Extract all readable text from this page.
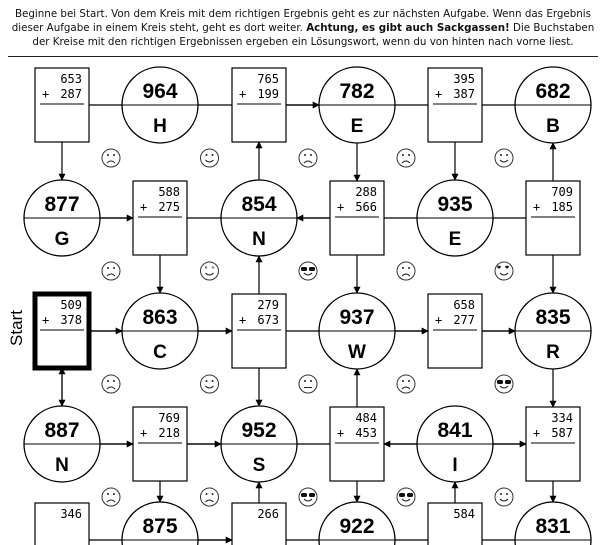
Beginne bei Start. Von dem Kreis mit dem richtigen Ergebnis geht es zur nächsten Aufgabe. Wenn das Ergebnis dieser Aufgabe in einem Kreis steht, geht es dort weiter. Achtung, es gibt auch Sackgassen! Die Buchstaben der Kreise mit den richtigen Ergebnissen ergeben ein Lösungswort, wenn du von hinten nach vorne liest.
* *
653
+ 287
765
+ 199
395
+ 387
588
+ 275
288
+ 566
709
+ 185
509
+ 378
279
+ 673
658
+ 277
769
+ 218
484
+ 453
334
+ 587
346	266	584
964
H
782
E
682
B
877
G
854
N
935
E
863
C
937
W
835
R
887
N
952
S
841
I
875	922	831
Start
